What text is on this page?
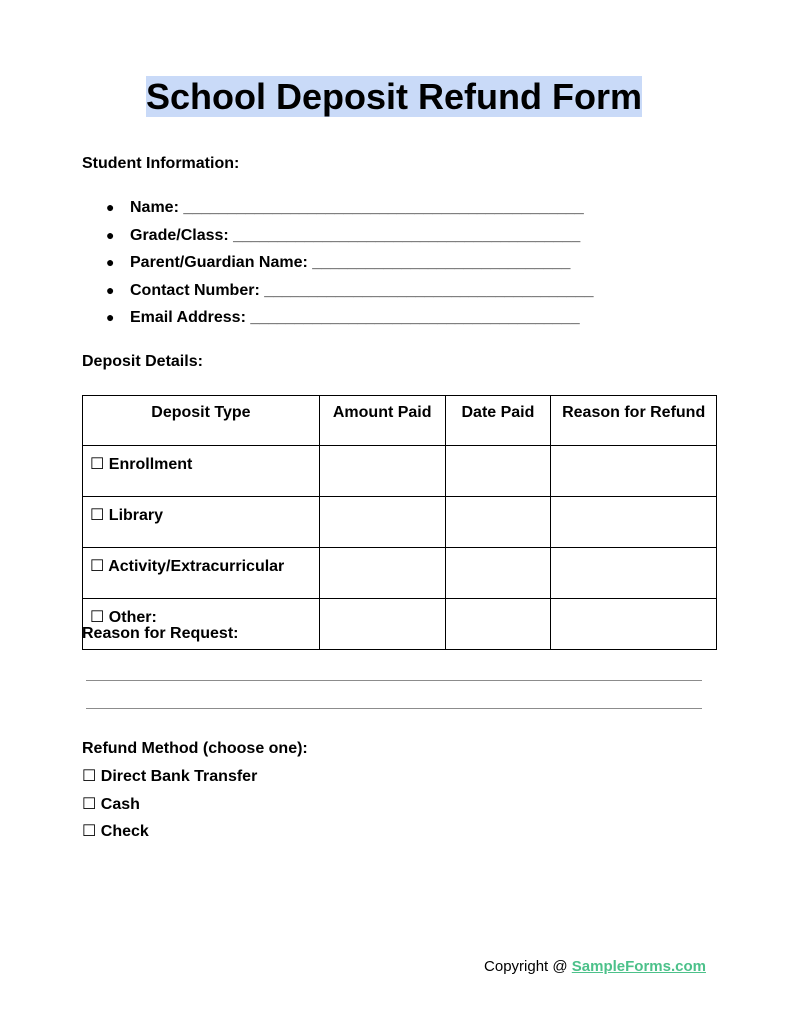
School Deposit Refund Form
Student Information:
● Name: _____________________________________________
● Grade/Class: _______________________________________
● Parent/Guardian Name: _____________________________
● Contact Number: _____________________________________
● Email Address: _____________________________________
Deposit Details:
Deposit Type	Amount Paid	Date Paid	Reason for Refund
☐ Enrollment			
☐ Library			
☐ Activity/Extracurricular			
☐ Other:			
Reason for Request:
Refund Method (choose one):
☐ Direct Bank Transfer
☐ Cash
☐ Check
Copyright @ SampleForms.com
